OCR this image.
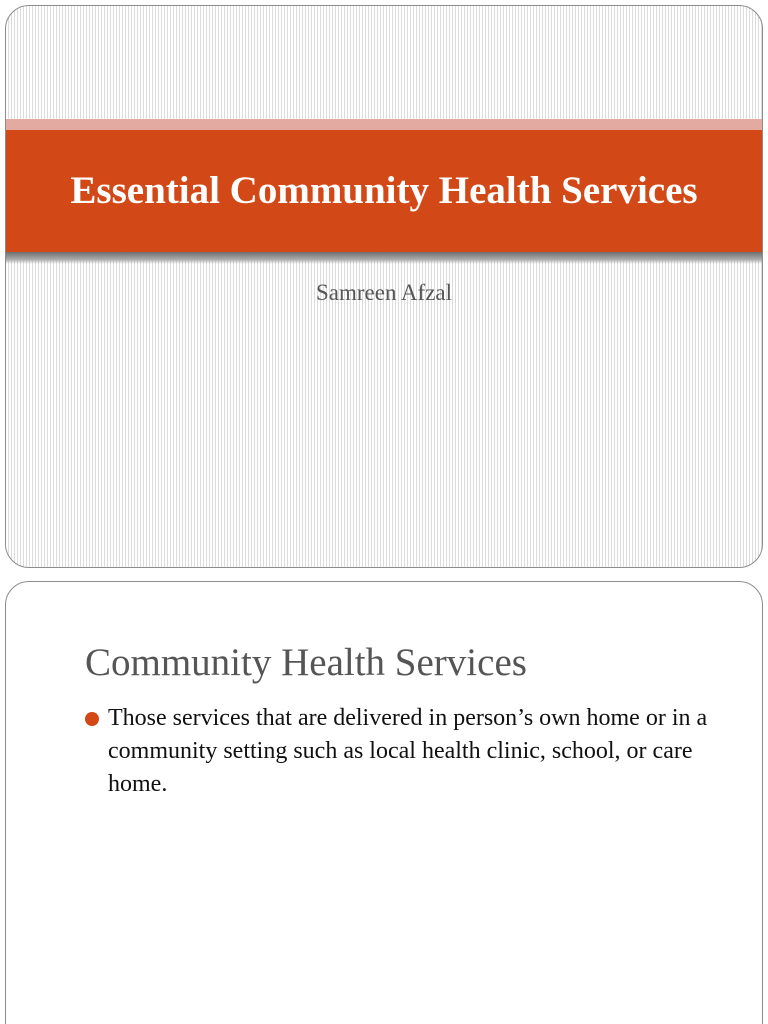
Essential Community Health Services
Samreen Afzal
Community Health Services
Those services that are delivered in person’s own home or in a community setting such as local health clinic, school, or care home.
